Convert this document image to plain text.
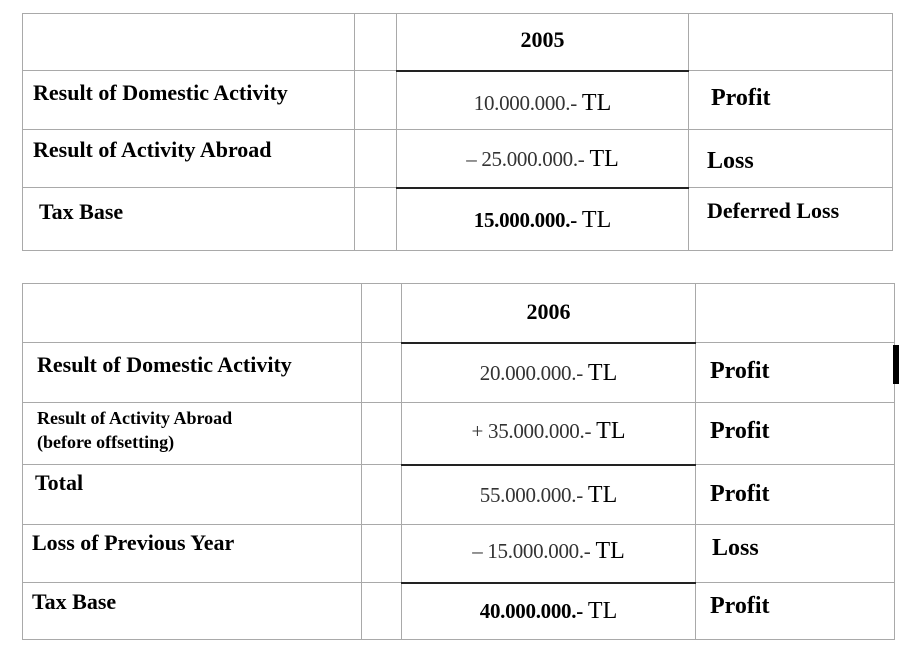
		2005	

Result of Domestic Activity		10.000.000.- TL	Profit

Result of Activity Abroad		– 25.000.000.- TL	Loss

Tax Base		15.000.000.- TL	Deferred Loss

		2006	

Result of Domestic Activity		20.000.000.- TL	Profit

Result of Activity Abroad
(before offsetting)		+ 35.000.000.- TL	Profit

Total		55.000.000.- TL	Profit

Loss of Previous Year		– 15.000.000.- TL	Loss

Tax Base		40.000.000.- TL	Profit
